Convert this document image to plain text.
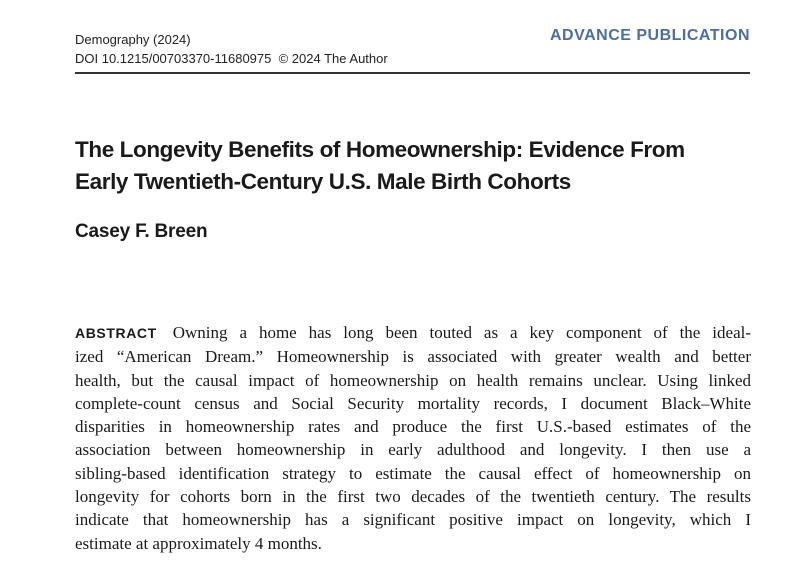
Demography (2024)
DOI 10.1215/00703370-11680975 © 2024 The Author
ADVANCE PUBLICATION
The Longevity Benefits of Homeownership: Evidence From
Early Twentieth-Century U.S. Male Birth Cohorts
Casey F. Breen
ABSTRACT Owning a home has long been touted as a key component of the ideal-
ized “American Dream.” Homeownership is associated with greater wealth and better
health, but the causal impact of homeownership on health remains unclear. Using linked
complete-count census and Social Security mortality records, I document Black–White
disparities in homeownership rates and produce the first U.S.-based estimates of the
association between homeownership in early adulthood and longevity. I then use a
sibling-based identification strategy to estimate the causal effect of homeownership on
longevity for cohorts born in the first two decades of the twentieth century. The results
indicate that homeownership has a significant positive impact on longevity, which I
estimate at approximately 4 months.
